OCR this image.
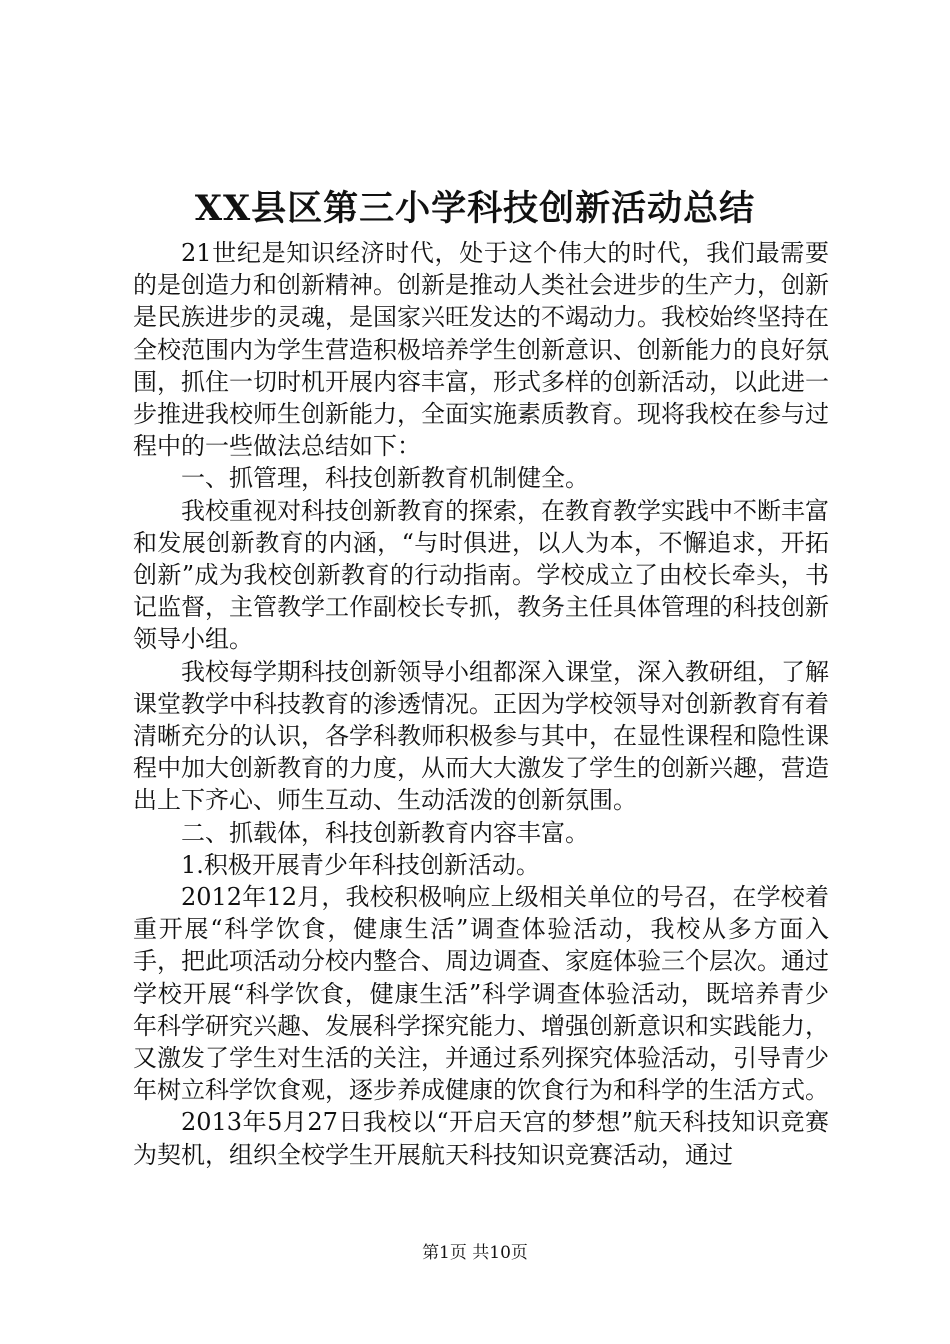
XX县区第三小学科技创新活动总结

21世纪是知识经济时代，处于这个伟大的时代，我们最需要的是创造力和创新精神。创新是推动人类社会进步的生产力，创新是民族进步的灵魂，是国家兴旺发达的不竭动力。我校始终坚持在全校范围内为学生营造积极培养学生创新意识、创新能力的良好氛围，抓住一切时机开展内容丰富，形式多样的创新活动，以此进一步推进我校师生创新能力，全面实施素质教育。现将我校在参与过程中的一些做法总结如下：

一、抓管理，科技创新教育机制健全。

我校重视对科技创新教育的探索，在教育教学实践中不断丰富和发展创新教育的内涵，“与时俱进，以人为本，不懈追求，开拓创新”成为我校创新教育的行动指南。学校成立了由校长牵头，书记监督，主管教学工作副校长专抓，教务主任具体管理的科技创新领导小组。

我校每学期科技创新领导小组都深入课堂，深入教研组，了解课堂教学中科技教育的渗透情况。正因为学校领导对创新教育有着清晰充分的认识，各学科教师积极参与其中，在显性课程和隐性课程中加大创新教育的力度，从而大大激发了学生的创新兴趣，营造出上下齐心、师生互动、生动活泼的创新氛围。

二、抓载体，科技创新教育内容丰富。

1.积极开展青少年科技创新活动。

2012年12月，我校积极响应上级相关单位的号召，在学校着重开展“科学饮食，健康生活”调查体验活动，我校从多方面入手，把此项活动分校内整合、周边调查、家庭体验三个层次。通过学校开展“科学饮食，健康生活”科学调查体验活动，既培养青少年科学研究兴趣、发展科学探究能力、增强创新意识和实践能力，又激发了学生对生活的关注，并通过系列探究体验活动，引导青少年树立科学饮食观，逐步养成健康的饮食行为和科学的生活方式。

2013年5月27日我校以“开启天宫的梦想”航天科技知识竞赛为契机，组织全校学生开展航天科技知识竞赛活动，通过

第1页 共10页
